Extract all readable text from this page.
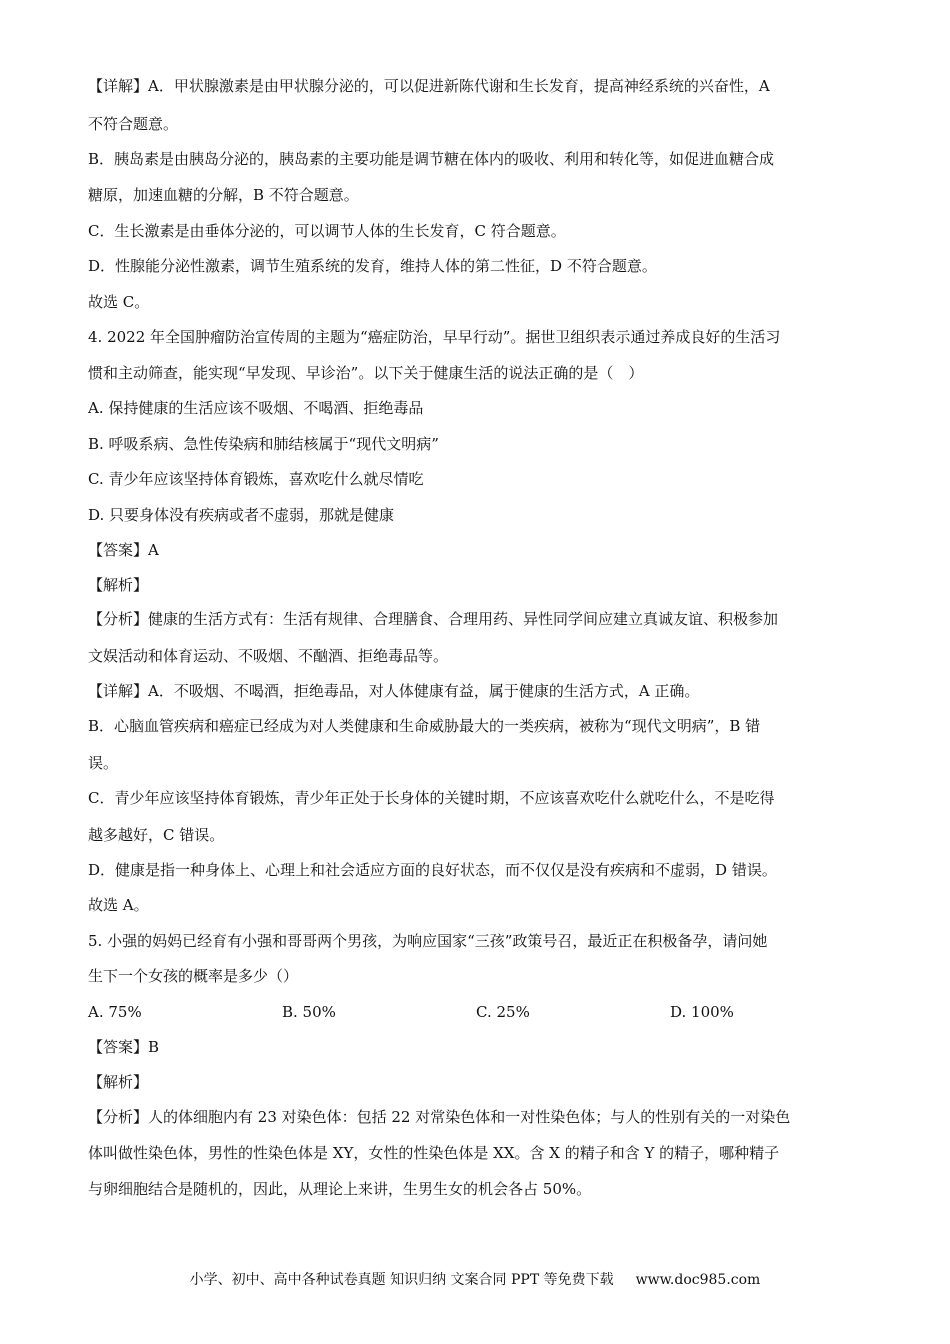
【详解】A．甲状腺激素是由甲状腺分泌的，可以促进新陈代谢和生长发育，提高神经系统的兴奋性，A
不符合题意。
B．胰岛素是由胰岛分泌的，胰岛素的主要功能是调节糖在体内的吸收、利用和转化等，如促进血糖合成
糖原，加速血糖的分解，B 不符合题意。
C．生长激素是由垂体分泌的，可以调节人体的生长发育，C 符合题意。
D．性腺能分泌性激素，调节生殖系统的发育，维持人体的第二性征，D 不符合题意。
故选 C。
4. 2022 年全国肿瘤防治宣传周的主题为“癌症防治，早早行动”。据世卫组织表示通过养成良好的生活习
惯和主动筛查，能实现“早发现、早诊治”。以下关于健康生活的说法正确的是（　）
A. 保持健康的生活应该不吸烟、不喝酒、拒绝毒品
B. 呼吸系病、急性传染病和肺结核属于“现代文明病”
C. 青少年应该坚持体育锻炼，喜欢吃什么就尽情吃
D. 只要身体没有疾病或者不虚弱，那就是健康
【答案】A
【解析】
【分析】健康的生活方式有：生活有规律、合理膳食、合理用药、异性同学间应建立真诚友谊、积极参加
文娱活动和体育运动、不吸烟、不酗酒、拒绝毒品等。
【详解】A．不吸烟、不喝酒，拒绝毒品，对人体健康有益，属于健康的生活方式，A 正确。
B．心脑血管疾病和癌症已经成为对人类健康和生命威胁最大的一类疾病，被称为“现代文明病”，B 错
误。
C．青少年应该坚持体育锻炼，青少年正处于长身体的关键时期，不应该喜欢吃什么就吃什么，不是吃得
越多越好，C 错误。
D．健康是指一种身体上、心理上和社会适应方面的良好状态，而不仅仅是没有疾病和不虚弱，D 错误。
故选 A。
5. 小强的妈妈已经育有小强和哥哥两个男孩，为响应国家“三孩”政策号召，最近正在积极备孕，请问她
生下一个女孩的概率是多少（）
A. 75%	B. 50%	C. 25%	D. 100%
【答案】B
【解析】
【分析】人的体细胞内有 23 对染色体：包括 22 对常染色体和一对性染色体；与人的性别有关的一对染色
体叫做性染色体，男性的性染色体是 XY，女性的性染色体是 XX。含 X 的精子和含 Y 的精子，哪种精子
与卵细胞结合是随机的，因此，从理论上来讲，生男生女的机会各占 50%。
小学、初中、高中各种试卷真题 知识归纳 文案合同 PPT 等免费下载 www.doc985.com
